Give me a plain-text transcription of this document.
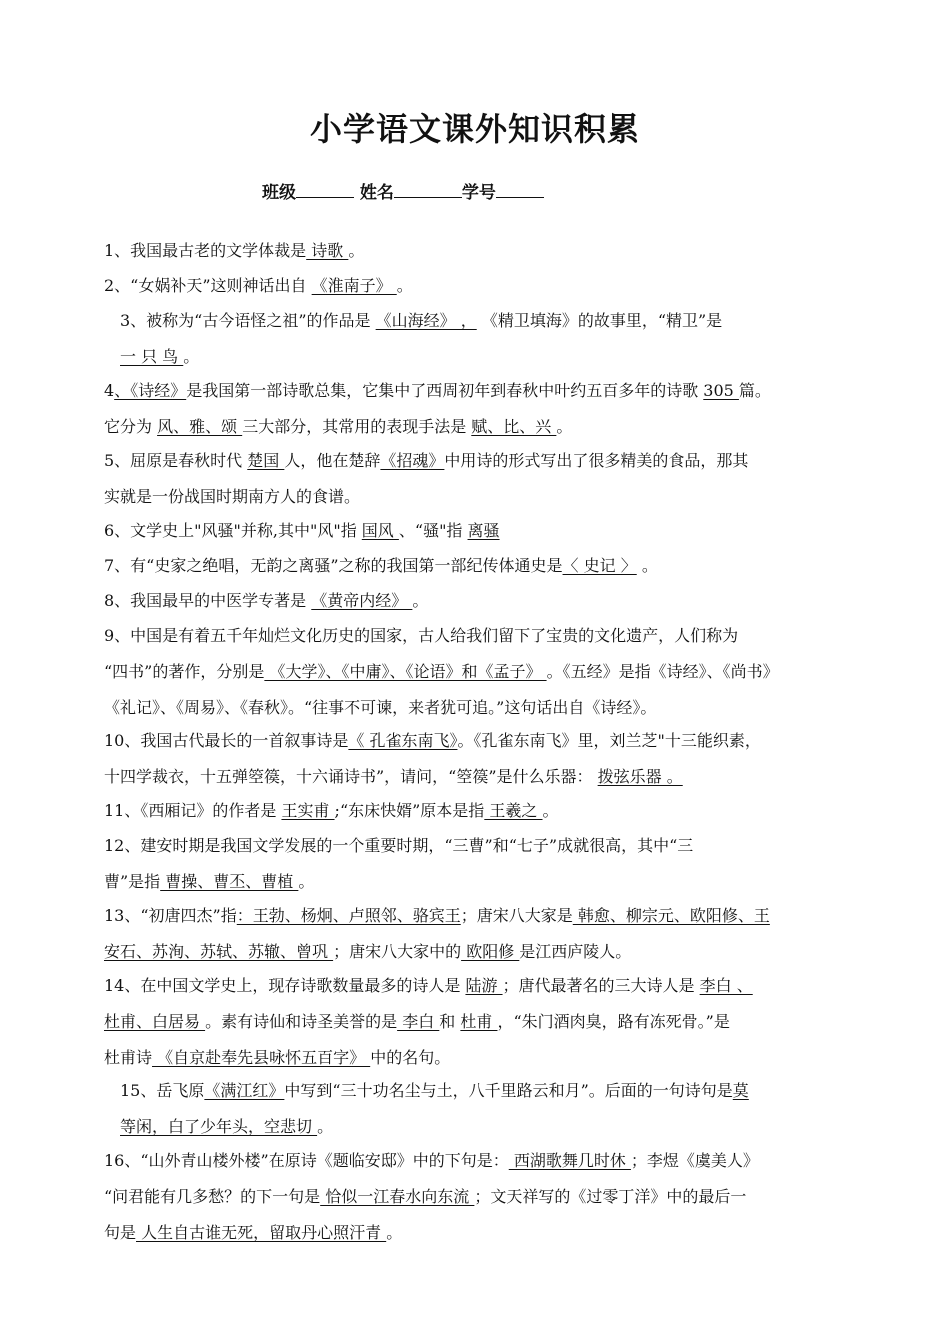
小学语文课外知识积累
班级	姓名	学号
1、我国最古老的文学体裁是 诗歌 。
2、“女娲补天”这则神话出自 《淮南子》 。
3、被称为“古今语怪之祖”的作品是 《山海经》 ， 《精卫填海》的故事里，“精卫”是
一 只 鸟 。
4、《诗经》是我国第一部诗歌总集，它集中了西周初年到春秋中叶约五百多年的诗歌 305 篇。
它分为 风、雅、颂 三大部分，其常用的表现手法是 赋、比、兴 。
5、屈原是春秋时代 楚国 人，他在楚辞《招魂》中用诗的形式写出了很多精美的食品，那其
实就是一份战国时期南方人的食谱。
6、文学史上"风骚"并称,其中"风"指 国风 、“骚"指 离骚
7、有“史家之绝唱，无韵之离骚”之称的我国第一部纪传体通史是〈 史记 〉 。
8、我国最早的中医学专著是 《黄帝内经》 。
9、中国是有着五千年灿烂文化历史的国家，古人给我们留下了宝贵的文化遗产，人们称为
“四书”的著作，分别是 《大学》、《中庸》、《论语》和《孟子》 。《五经》是指《诗经》、《尚书》
《礼记》、《周易》、《春秋》。“往事不可谏，来者犹可追。”这句话出自《诗经》。
10、我国古代最长的一首叙事诗是《 孔雀东南飞》。《孔雀东南飞》里，刘兰芝"十三能织素，
十四学裁衣，十五弹箜篌，十六诵诗书”，请问，“箜篌”是什么乐器： 拨弦乐器 。
11、《西厢记》的作者是 王实甫 ;“东床快婿”原本是指 王羲之 。
12、建安时期是我国文学发展的一个重要时期，“三曹”和“七子”成就很高，其中“三
曹”是指 曹操、曹丕、曹植 。
13、“初唐四杰”指：王勃、杨炯、卢照邻、骆宾王；唐宋八大家是 韩愈、柳宗元、欧阳修、王
安石、苏洵、苏轼、苏辙、曾巩 ；唐宋八大家中的 欧阳修 是江西庐陵人。
14、在中国文学史上，现存诗歌数量最多的诗人是 陆游 ；唐代最著名的三大诗人是 李白 、
杜甫、白居易 。素有诗仙和诗圣美誉的是 李白 和 杜甫 ，“朱门酒肉臭，路有冻死骨。”是
杜甫诗 《自京赴奉先县咏怀五百字》 中的名句。
15、岳飞原《满江红》中写到“三十功名尘与土，八千里路云和月”。后面的一句诗句是莫
等闲，白了少年头，空悲切 。
16、“山外青山楼外楼”在原诗《题临安邸》中的下句是： 西湖歌舞几时休 ；李煜《虞美人》
“问君能有几多愁？的下一句是 恰似一江春水向东流 ；文天祥写的《过零丁洋》中的最后一
句是 人生自古谁无死，留取丹心照汗青 。
